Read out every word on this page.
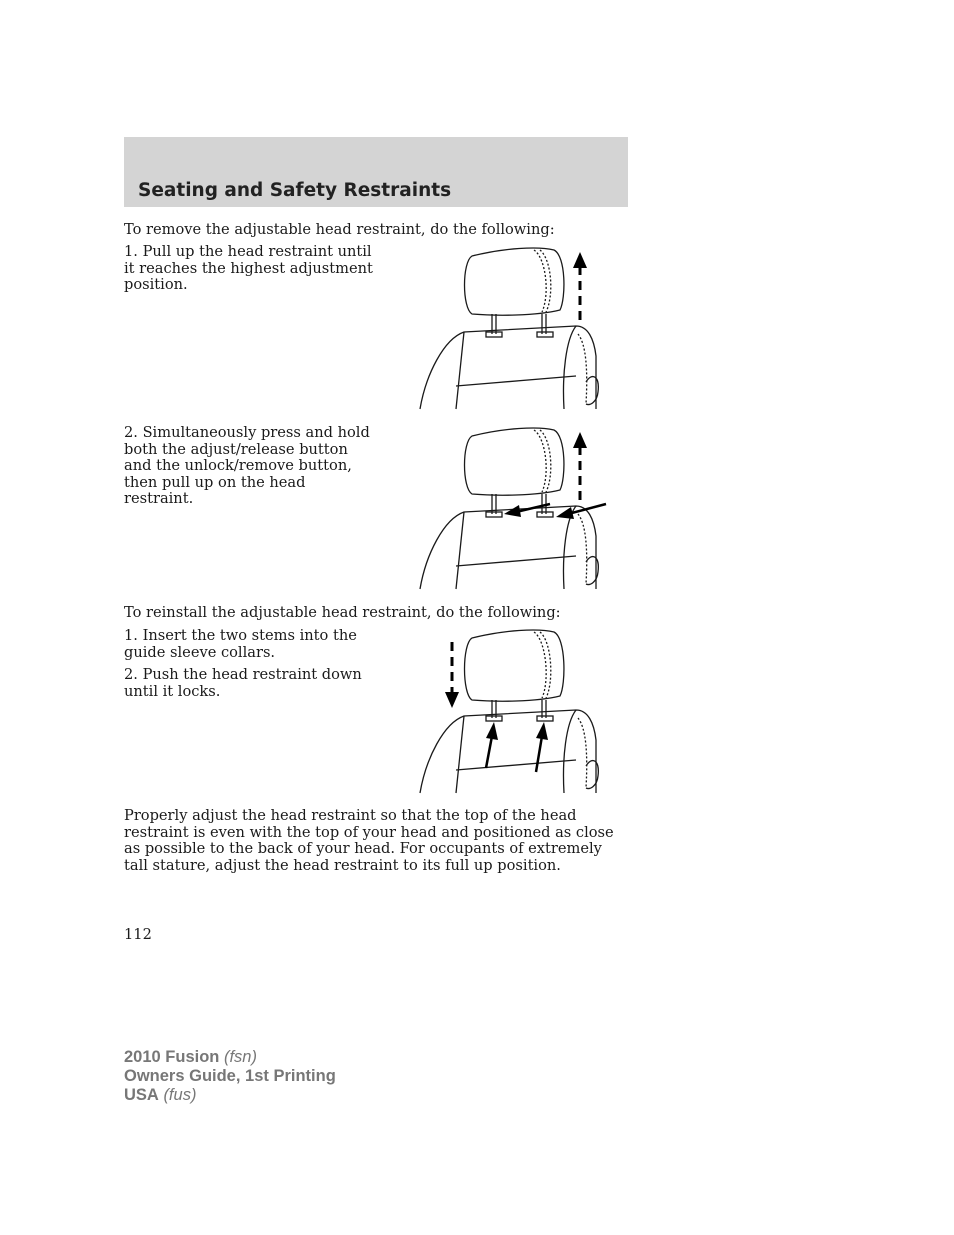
Seating and Safety Restraints

To remove the adjustable head restraint, do the following:

1. Pull up the head restraint until it reaches the highest adjustment position.

2. Simultaneously press and hold both the adjust/release button and the unlock/remove button, then pull up on the head restraint.

To reinstall the adjustable head restraint, do the following:

1. Insert the two stems into the guide sleeve collars.

2. Push the head restraint down until it locks.

Properly adjust the head restraint so that the top of the head restraint is even with the top of your head and positioned as close as possible to the back of your head. For occupants of extremely tall stature, adjust the head restraint to its full up position.

112
2010 Fusion (fsn)
Owners Guide, 1st Printing
USA (fus)
